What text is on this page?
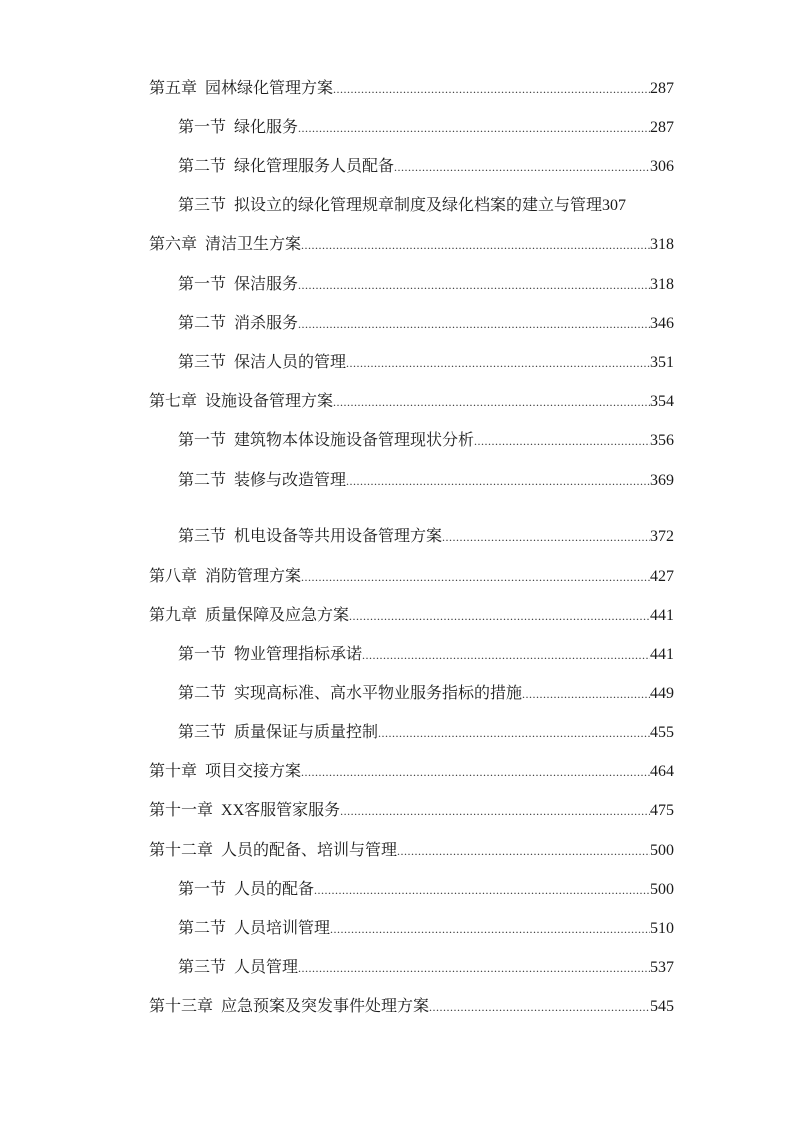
第五章 园林绿化管理方案 .....	287
第一节 绿化服务 .....	287
第二节 绿化管理服务人员配备 .....	306
第三节 拟设立的绿化管理规章制度及绿化档案的建立与管理 307
第六章 清洁卫生方案 .....	318
第一节 保洁服务 .....	318
第二节 消杀服务 .....	346
第三节 保洁人员的管理 .....	351
第七章 设施设备管理方案 .....	354
第一节 建筑物本体设施设备管理现状分析 .....	356
第二节 装修与改造管理 .....	369
第三节 机电设备等共用设备管理方案 .....	372
第八章 消防管理方案 .....	427
第九章 质量保障及应急方案 .....	441
第一节 物业管理指标承诺 .....	441
第二节 实现高标准、高水平物业服务指标的措施 .....	449
第三节 质量保证与质量控制 .....	455
第十章 项目交接方案 .....	464
第十一章 XX客服管家服务 .....	475
第十二章 人员的配备、培训与管理 .....	500
第一节 人员的配备 .....	500
第二节 人员培训管理 .....	510
第三节 人员管理 .....	537
第十三章 应急预案及突发事件处理方案 .....	545
